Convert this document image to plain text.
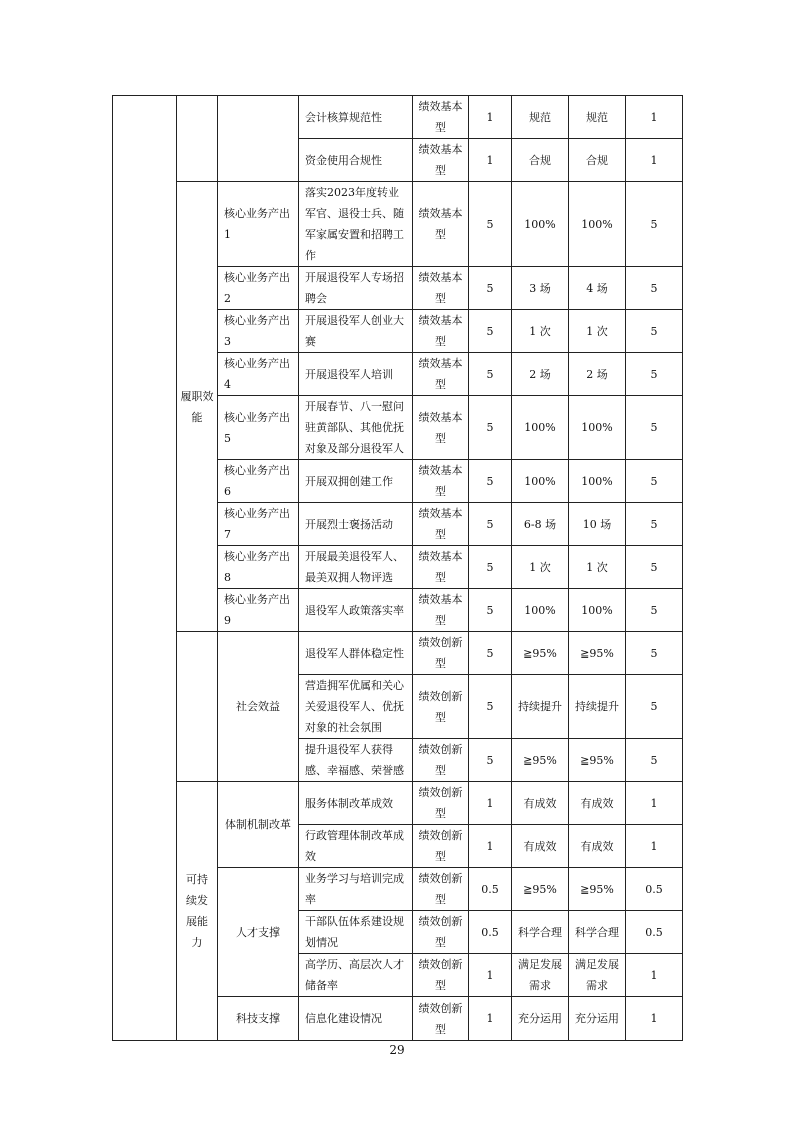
			会计核算规范性	绩效基本型	1	规范	规范	1
			资金使用合规性	绩效基本型	1	合规	合规	1
	履职效能	核心业务产出1	落实2023年度转业军官、退役士兵、随军家属安置和招聘工作	绩效基本型	5	100%	100%	5
		核心业务产出2	开展退役军人专场招聘会	绩效基本型	5	3 场	4 场	5
		核心业务产出3	开展退役军人创业大赛	绩效基本型	5	1 次	1 次	5
		核心业务产出4	开展退役军人培训	绩效基本型	5	2 场	2 场	5
		核心业务产出5	开展春节、八一慰问驻黄部队、其他优抚对象及部分退役军人	绩效基本型	5	100%	100%	5
		核心业务产出6	开展双拥创建工作	绩效基本型	5	100%	100%	5
		核心业务产出7	开展烈士褒扬活动	绩效基本型	5	6-8 场	10 场	5
		核心业务产出8	开展最美退役军人、最美双拥人物评选	绩效基本型	5	1 次	1 次	5
		核心业务产出9	退役军人政策落实率	绩效基本型	5	100%	100%	5
		社会效益	退役军人群体稳定性	绩效创新型	5	≧95%	≧95%	5
			营造拥军优属和关心关爱退役军人、优抚对象的社会氛围	绩效创新型	5	持续提升	持续提升	5
			提升退役军人获得感、幸福感、荣誉感	绩效创新型	5	≧95%	≧95%	5

	可持续发展能力	体制机制改革	服务体制改革成效	绩效创新型	1	有成效	有成效	1
			行政管理体制改革成效	绩效创新型	1	有成效	有成效	1
		人才支撑	业务学习与培训完成率	绩效创新型	0.5	≧95%	≧95%	0.5
			干部队伍体系建设规划情况	绩效创新型	0.5	科学合理	科学合理	0.5
			高学历、高层次人才储备率	绩效创新型	1	满足发展需求	满足发展需求	1
		科技支撑	信息化建设情况	绩效创新型	1	充分运用	充分运用	1
29
